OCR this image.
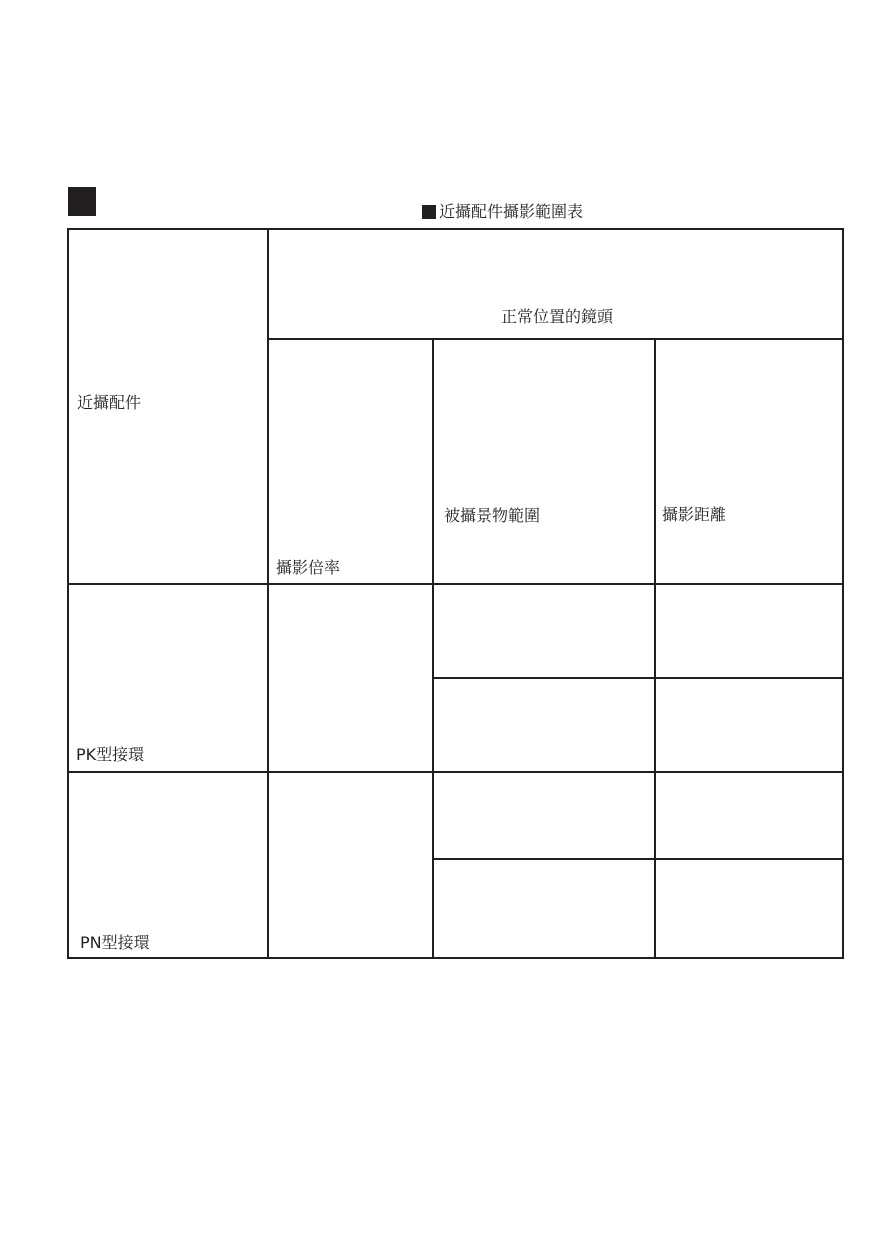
近攝配件攝影範圍表
近攝配件
正常位置的鏡頭
攝影倍率
被攝景物範圍	攝影距離
PK型接環
PN型接環
